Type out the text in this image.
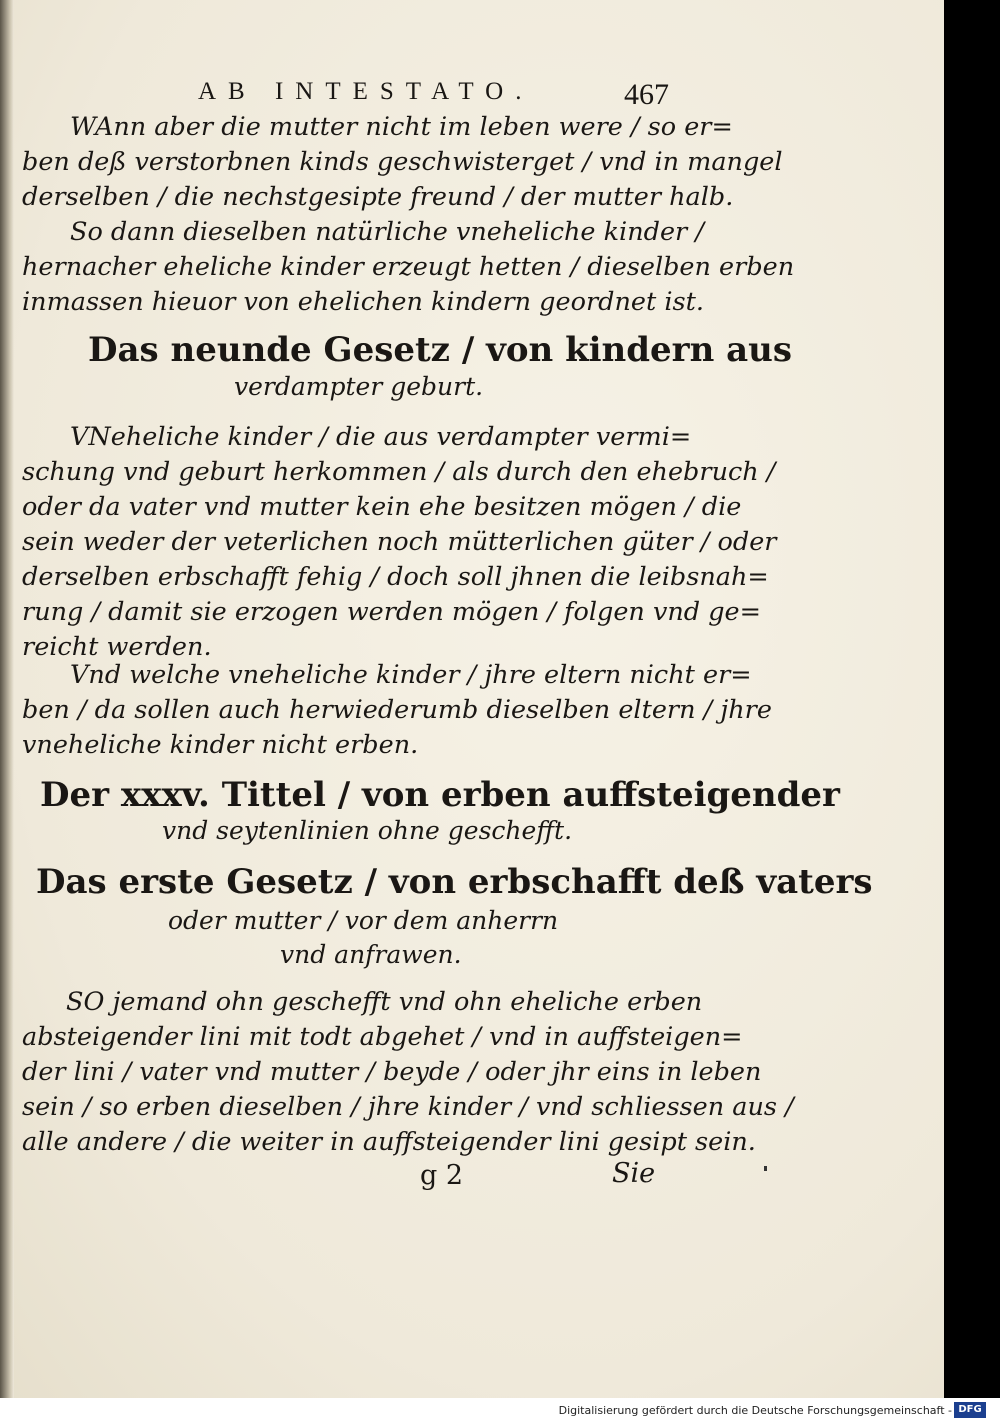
AB INTESTATO.	467
WAnn aber die mutter nicht im leben were / so er=
ben deß verstorbnen kinds geschwisterget / vnd in mangel
derselben / die nechstgesipte freund / der mutter halb.
So dann dieselben natürliche vneheliche kinder /
hernacher eheliche kinder erzeugt hetten / dieselben erben
inmassen hieuor von ehelichen kindern geordnet ist.
Das neunde Gesetz / von kindern aus
verdampter geburt.
VNeheliche kinder / die aus verdampter vermi=
schung vnd geburt herkommen / als durch den ehebruch /
oder da vater vnd mutter kein ehe besitzen mögen / die
sein weder der veterlichen noch mütterlichen güter / oder
derselben erbschafft fehig / doch soll jhnen die leibsnah=
rung / damit sie erzogen werden mögen / folgen vnd ge=
reicht werden.
Vnd welche vneheliche kinder / jhre eltern nicht er=
ben / da sollen auch herwiederumb dieselben eltern / jhre
vneheliche kinder nicht erben.
Der xxxv. Tittel / von erben auffsteigender
vnd seytenlinien ohne geschefft.
Das erste Gesetz / von erbschafft deß vaters
oder mutter / vor dem anherrn
vnd anfrawen.
SO jemand ohn geschefft vnd ohn eheliche erben
absteigender lini mit todt abgehet / vnd in auffsteigen=
der lini / vater vnd mutter / beyde / oder jhr eins in leben
sein / so erben dieselben / jhre kinder / vnd schliessen aus /
alle andere / die weiter in auffsteigender lini gesipt sein.
g 2	Sie
Digitalisierung gefördert durch die Deutsche Forschungsgemeinschaft - DFG
